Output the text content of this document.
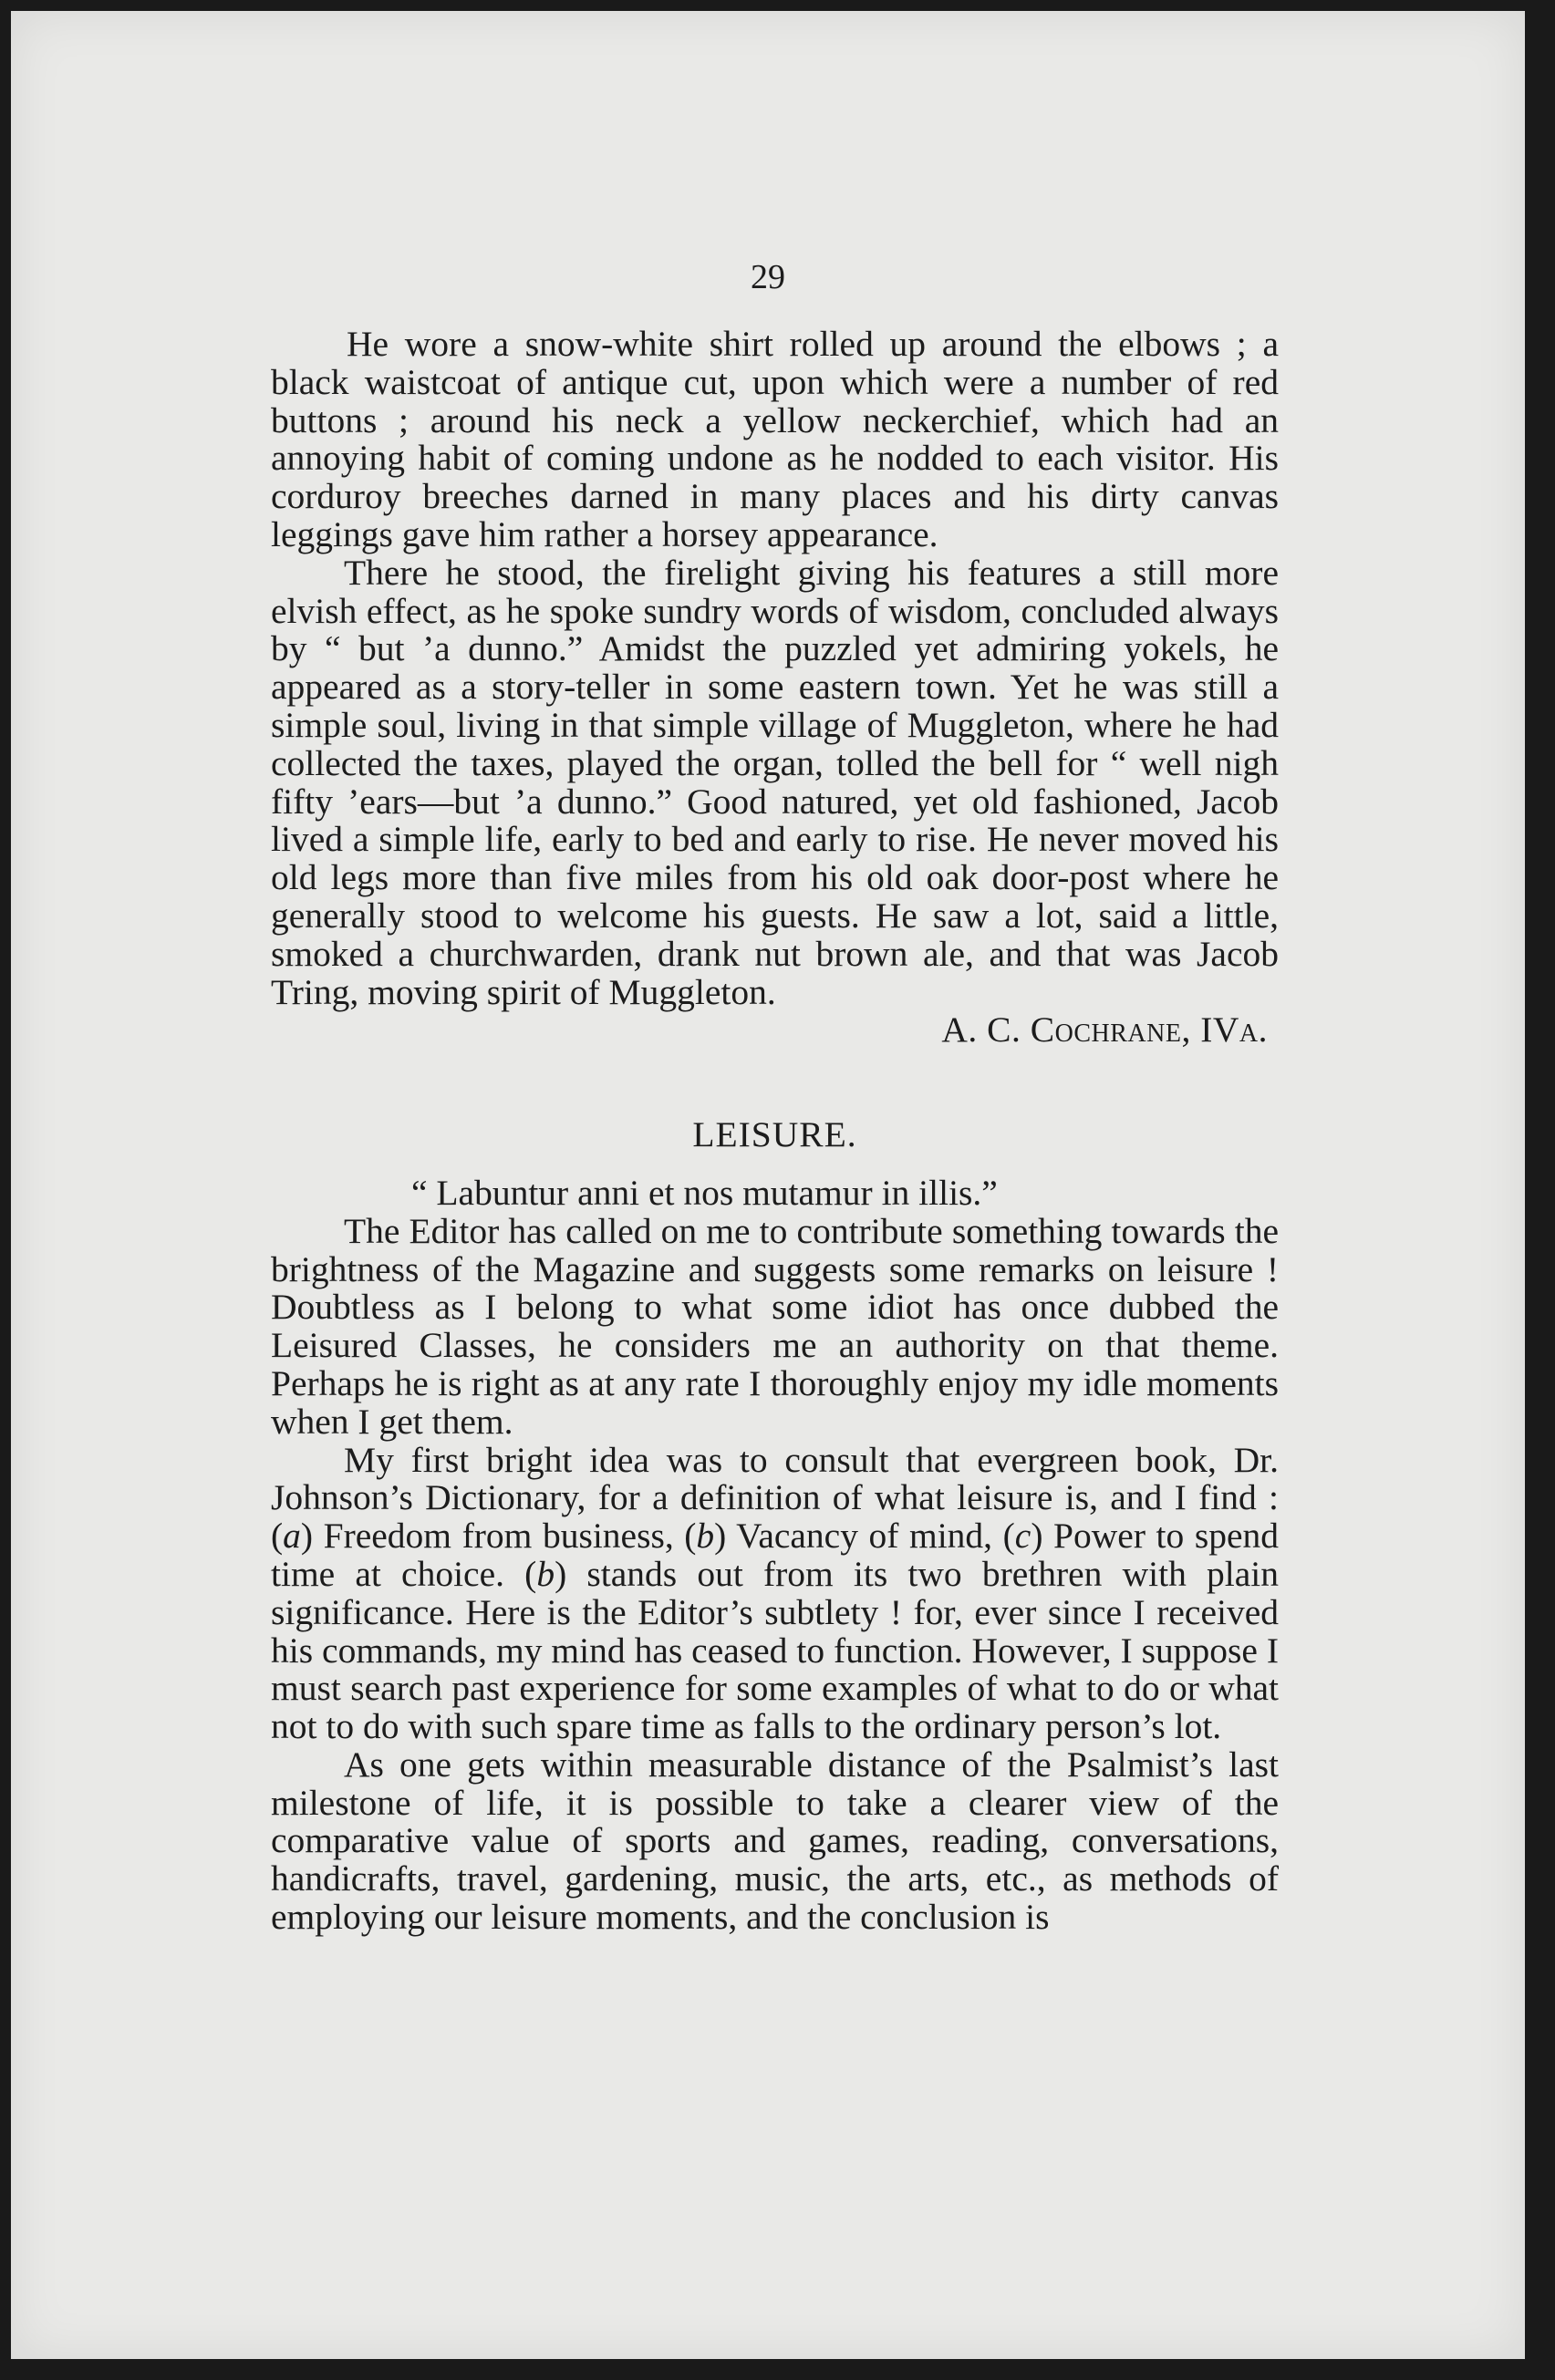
29

He wore a snow-white shirt rolled up around the elbows ; a black waistcoat of antique cut, upon which were a number of red buttons ; around his neck a yellow neckerchief, which had an annoying habit of coming undone as he nodded to each visitor. His corduroy breeches darned in many places and his dirty canvas leggings gave him rather a horsey appearance.

There he stood, the firelight giving his features a still more elvish effect, as he spoke sundry words of wisdom, concluded always by “ but ’a dunno.” Amidst the puzzled yet admiring yokels, he appeared as a story-teller in some eastern town. Yet he was still a simple soul, living in that simple village of Muggleton, where he had collected the taxes, played the organ, tolled the bell for “ well nigh fifty ’ears—but ’a dunno.” Good natured, yet old fashioned, Jacob lived a simple life, early to bed and early to rise. He never moved his old legs more than five miles from his old oak door-post where he generally stood to welcome his guests. He saw a lot, said a little, smoked a churchwarden, drank nut brown ale, and that was Jacob Tring, moving spirit of Muggleton.

A. C. Cochrane, IVa.

LEISURE.

“ Labuntur anni et nos mutamur in illis.”

The Editor has called on me to contribute something towards the brightness of the Magazine and suggests some remarks on leisure ! Doubtless as I belong to what some idiot has once dubbed the Leisured Classes, he considers me an authority on that theme. Perhaps he is right as at any rate I thoroughly enjoy my idle moments when I get them.

My first bright idea was to consult that evergreen book, Dr. Johnson’s Dictionary, for a definition of what leisure is, and I find : (a) Freedom from business, (b) Vacancy of mind, (c) Power to spend time at choice. (b) stands out from its two brethren with plain significance. Here is the Editor’s subtlety ! for, ever since I received his commands, my mind has ceased to function. However, I suppose I must search past experience for some examples of what to do or what not to do with such spare time as falls to the ordinary person’s lot.

As one gets within measurable distance of the Psalmist’s last milestone of life, it is possible to take a clearer view of the comparative value of sports and games, reading, conversations, handicrafts, travel, gardening, music, the arts, etc., as methods of employing our leisure moments, and the conclusion is
